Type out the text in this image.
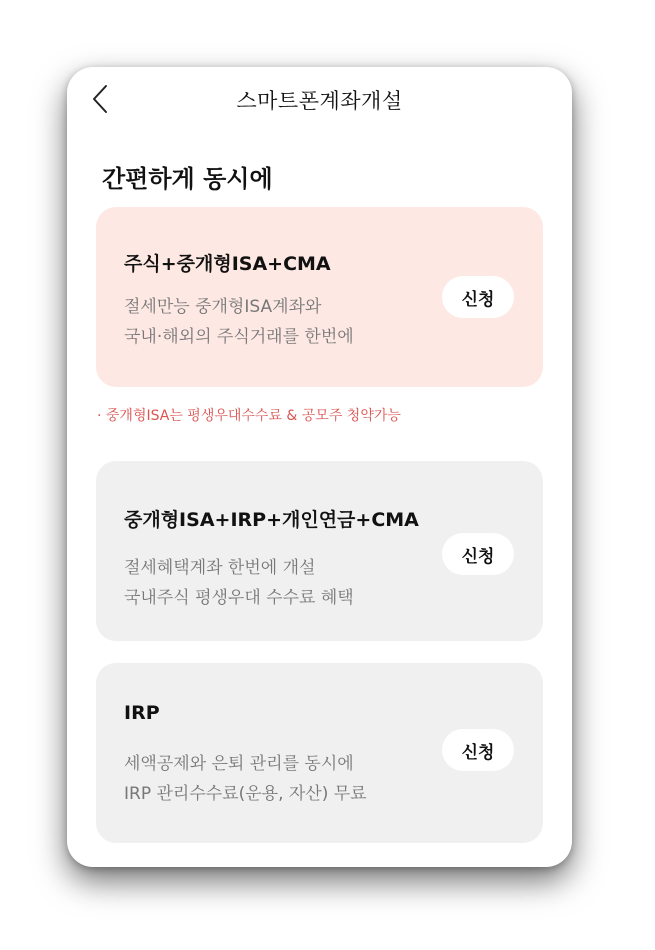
스마트폰계좌개설
간편하게 동시에
주식+중개형ISA+CMA
절세만능 중개형ISA계좌와
국내·해외의 주식거래를 한번에
신청
· 중개형ISA는 평생우대수수료 & 공모주 청약가능
중개형ISA+IRP+개인연금+CMA
절세혜택계좌 한번에 개설
국내주식 평생우대 수수료 혜택
신청
IRP
세액공제와 은퇴 관리를 동시에
IRP 관리수수료(운용, 자산) 무료
신청
